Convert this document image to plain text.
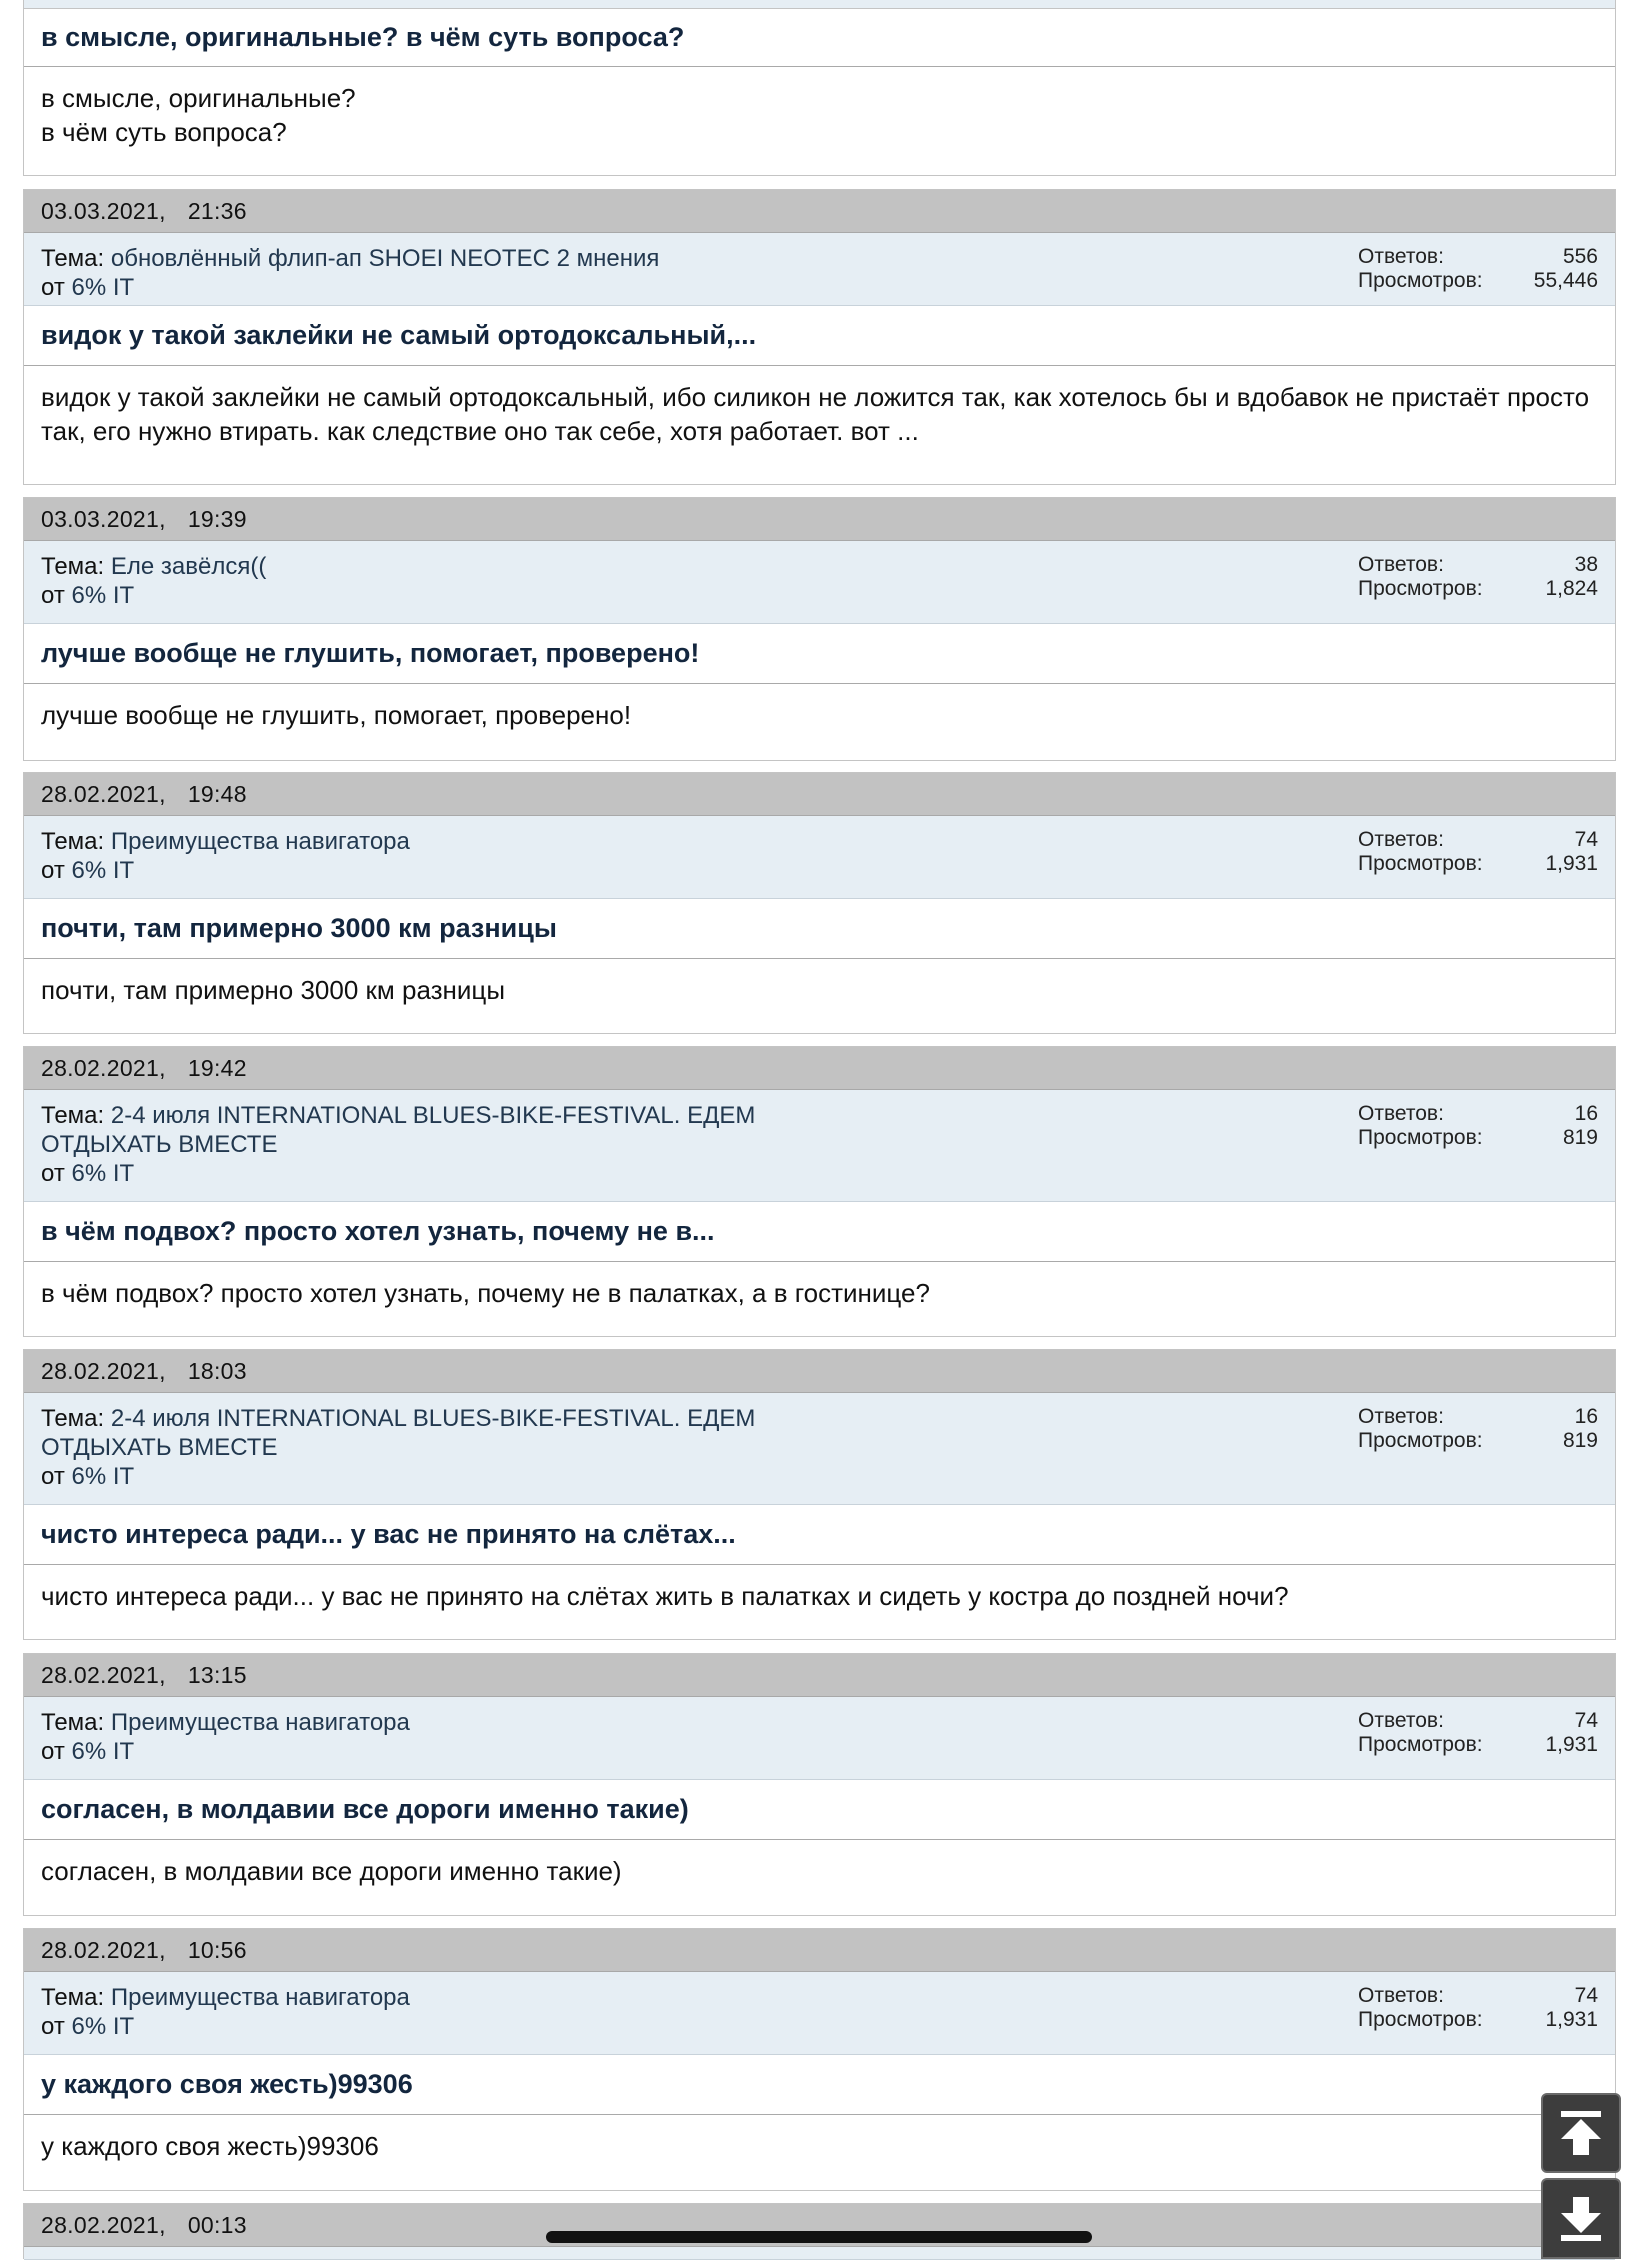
в смысле, оригинальные? в чём суть вопроса?
в смысле, оригинальные?
в чём суть вопроса?
03.03.2021, 21:36
Тема: обновлённый флип-ап SHOEI NEOTEC 2 мнения
от 6% IT
Ответов:	556
Просмотров: 55,446
видок у такой заклейки не самый ортодоксальный,...
видок у такой заклейки не самый ортодоксальный, ибо силикон не ложится так, как хотелось бы и вдобавок не пристаёт просто так, его нужно втирать. как следствие оно так себе, хотя работает. вот ...
03.03.2021, 19:39
Тема: Еле завёлся((
от 6% IT
Ответов:	38
Просмотров:	1,824
лучше вообще не глушить, помогает, проверено!
лучше вообще не глушить, помогает, проверено!
28.02.2021, 19:48
Тема: Преимущества навигатора
от 6% IT
Ответов:	74
Просмотров:	1,931
почти, там примерно 3000 км разницы
почти, там примерно 3000 км разницы
28.02.2021, 19:42
Тема: 2-4 июля INTERNATIONAL BLUES-BIKE-FESTIVAL. ЕДЕМ ОТДЫХАТЬ ВМЕСТЕ
от 6% IT
Ответов:	16
Просмотров:	819
в чём подвох? просто хотел узнать, почему не в...
в чём подвох? просто хотел узнать, почему не в палатках, а в гостинице?
28.02.2021, 18:03
Тема: 2-4 июля INTERNATIONAL BLUES-BIKE-FESTIVAL. ЕДЕМ ОТДЫХАТЬ ВМЕСТЕ
от 6% IT
Ответов:	16
Просмотров:	819
чисто интереса ради... у вас не принято на слётах...
чисто интереса ради... у вас не принято на слётах жить в палатках и сидеть у костра до поздней ночи?
28.02.2021, 13:15
Тема: Преимущества навигатора
от 6% IT
Ответов:	74
Просмотров:	1,931
согласен, в молдавии все дороги именно такие)
согласен, в молдавии все дороги именно такие)
28.02.2021, 10:56
Тема: Преимущества навигатора
от 6% IT
Ответов:	74
Просмотров:	1,931
у каждого своя жесть)99306
у каждого своя жесть)99306
28.02.2021, 00:13
